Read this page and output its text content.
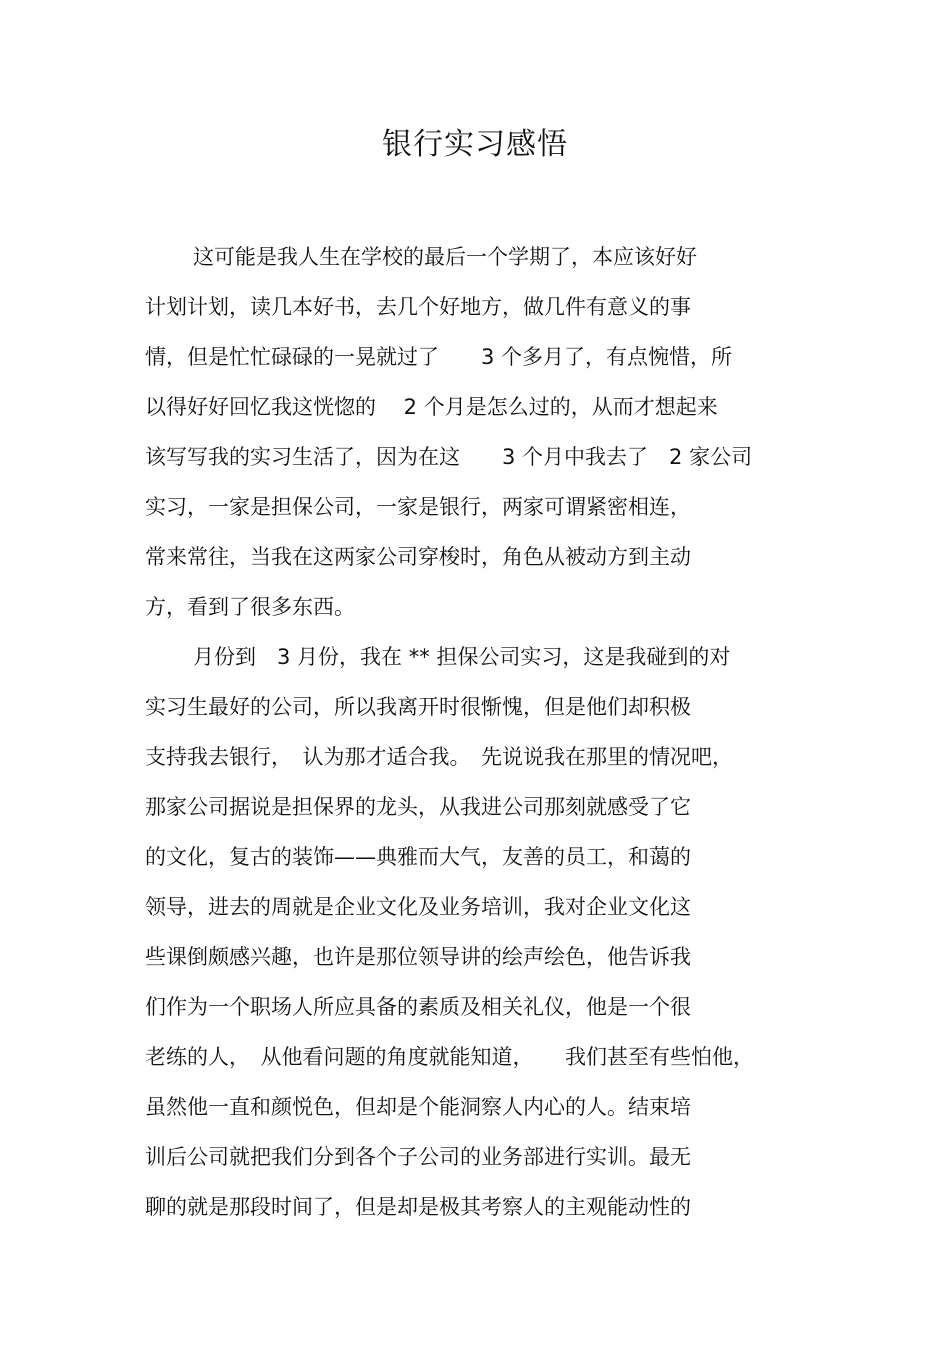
银行实习感悟
这可能是我人生在学校的最后一个学期了，本应该好好
计划计划，读几本好书，去几个好地方，做几件有意义的事
情，但是忙忙碌碌的一晃就过了　　3 个多月了，有点惋惜，所
以得好好回忆我这恍惚的　 2 个月是怎么过的，从而才想起来
该写写我的实习生活了，因为在这　　3 个月中我去了　2 家公司
实习，一家是担保公司，一家是银行，两家可谓紧密相连，
常来常往，当我在这两家公司穿梭时，角色从被动方到主动
方，看到了很多东西。
月份到　3 月份，我在 ** 担保公司实习，这是我碰到的对
实习生最好的公司，所以我离开时很惭愧，但是他们却积极
支持我去银行，　认为那才适合我。　先说说我在那里的情况吧，
那家公司据说是担保界的龙头，从我进公司那刻就感受了它
的文化，复古的装饰——典雅而大气，友善的员工，和蔼的
领导，进去的周就是企业文化及业务培训，我对企业文化这
些课倒颇感兴趣，也许是那位领导讲的绘声绘色，他告诉我
们作为一个职场人所应具备的素质及相关礼仪，他是一个很
老练的人，　从他看问题的角度就能知道，　　我们甚至有些怕他，
虽然他一直和颜悦色，但却是个能洞察人内心的人。结束培
训后公司就把我们分到各个子公司的业务部进行实训。最无
聊的就是那段时间了，但是却是极其考察人的主观能动性的
